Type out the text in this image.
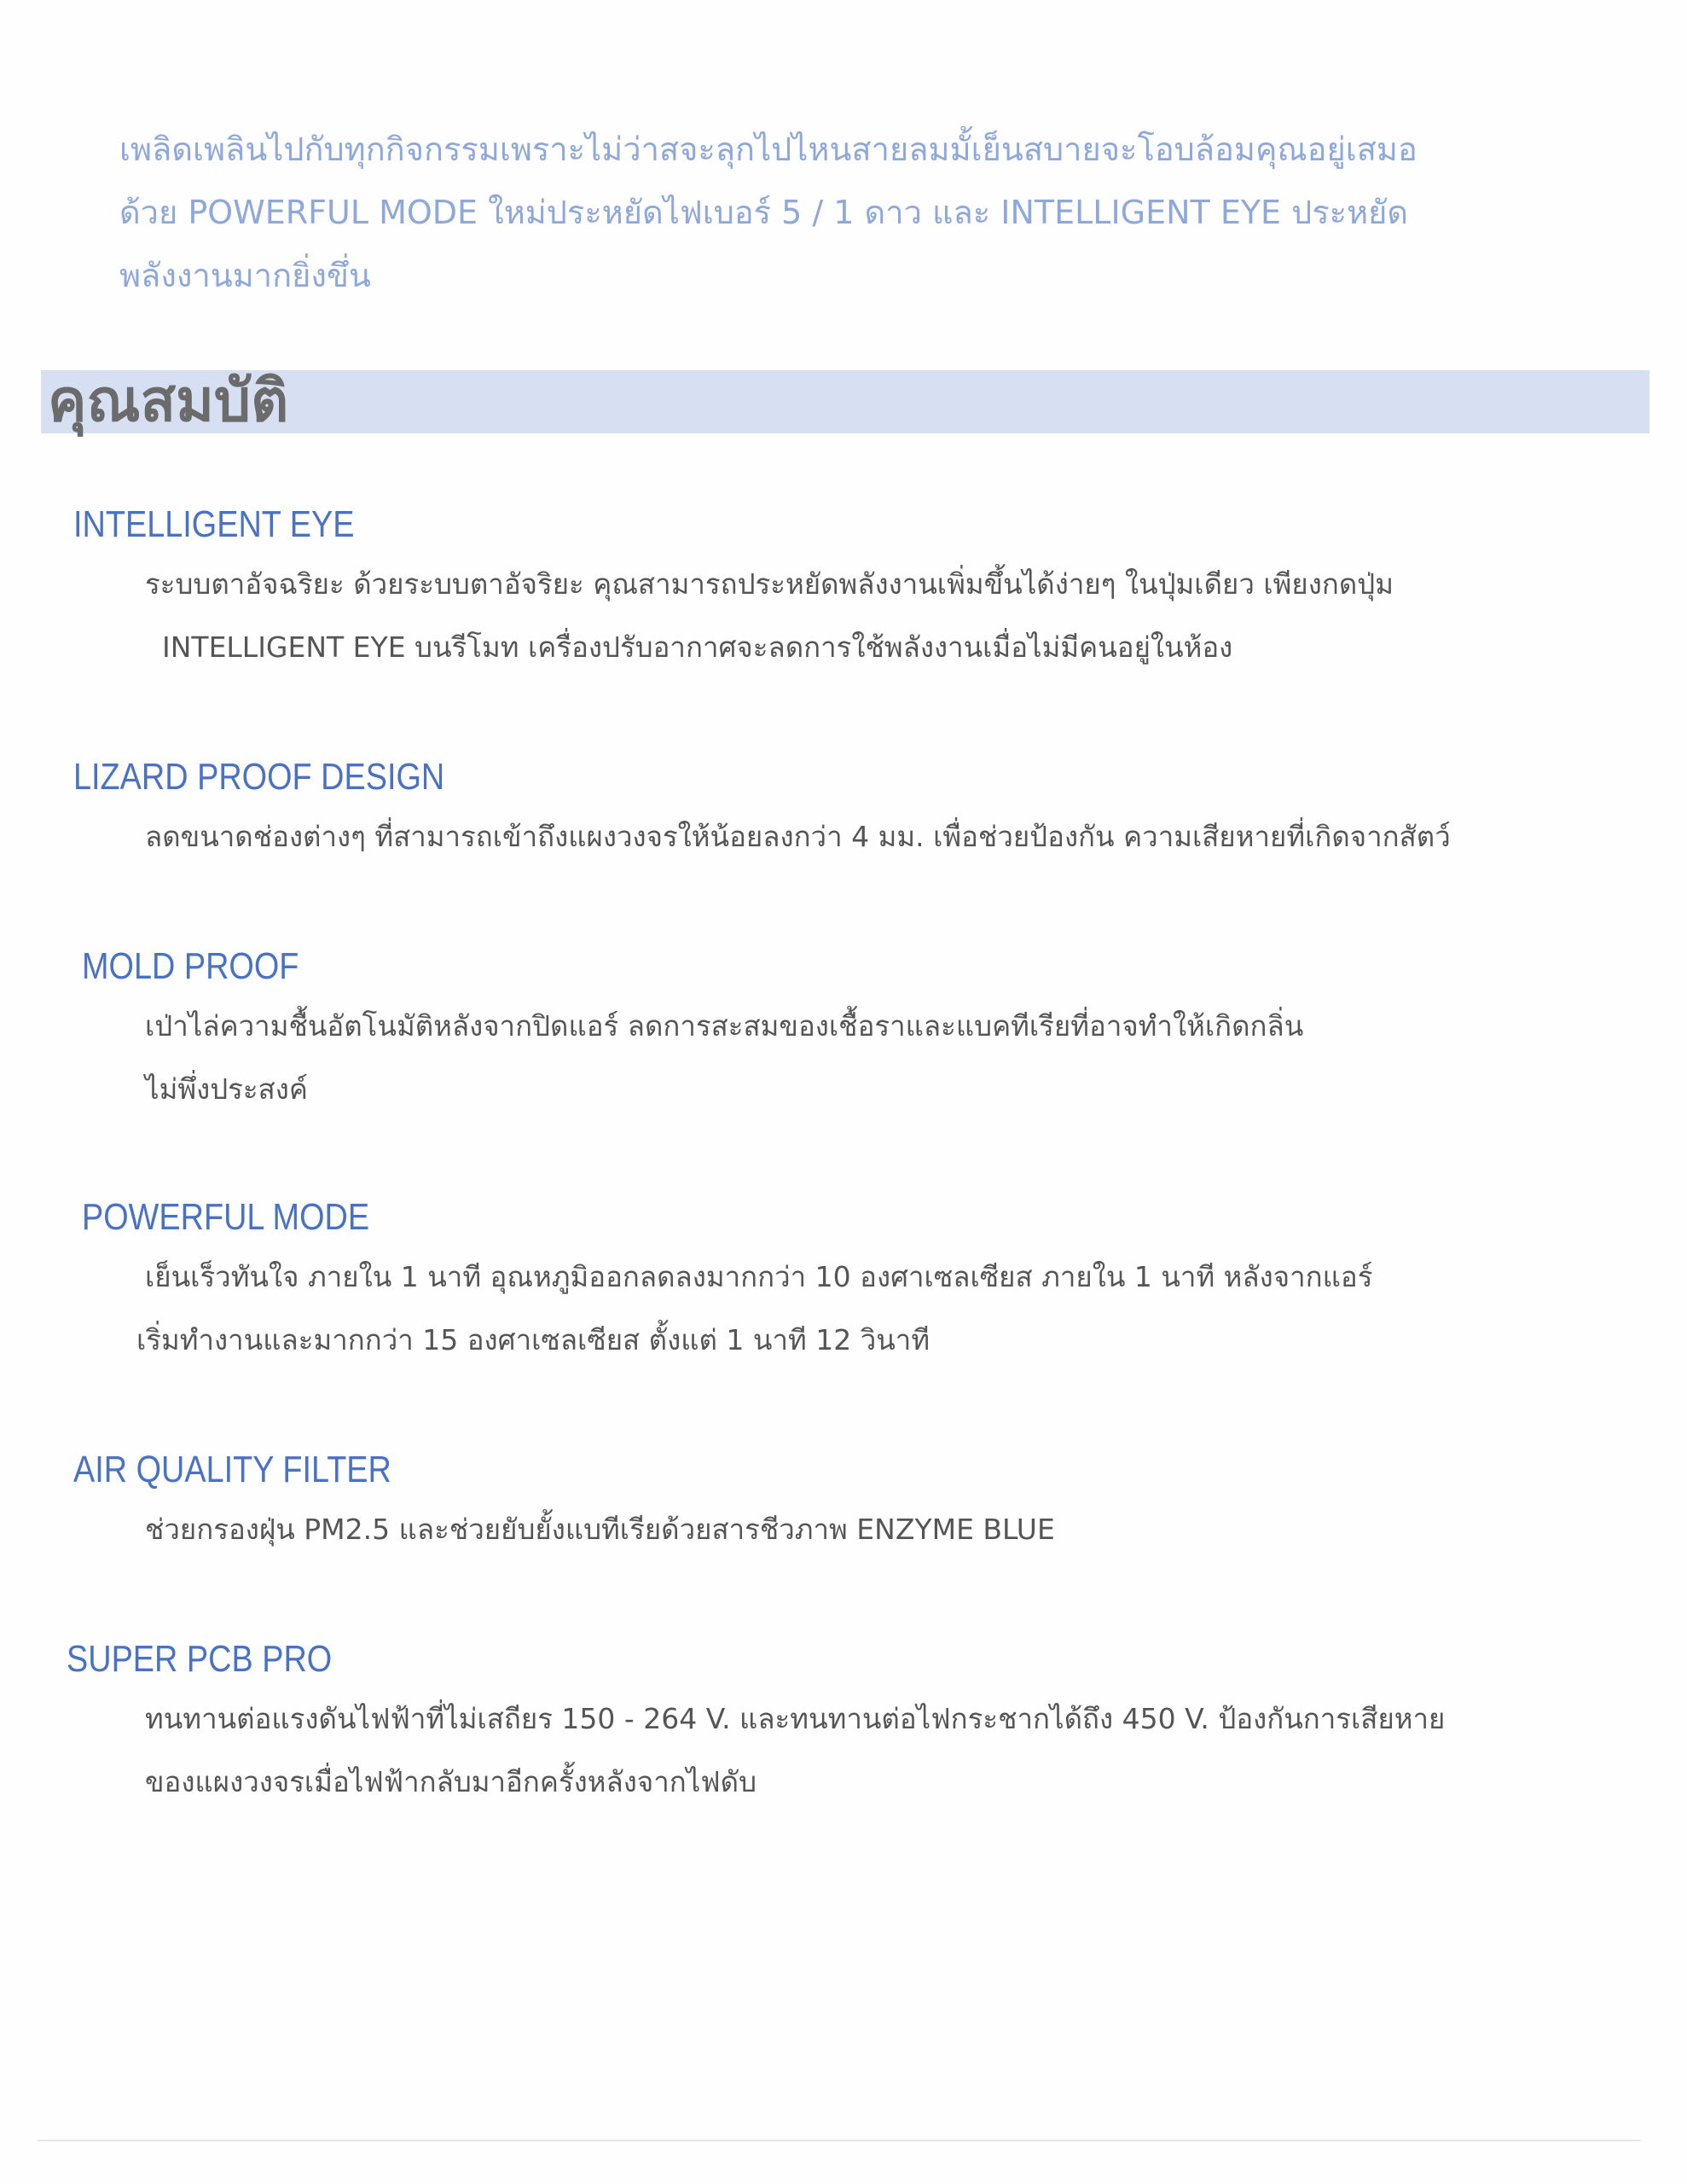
เพลิดเพลินไปกับทุกกิจกรรมเพราะไม่ว่าสจะลุกไปไหนสายลมมั้เย็นสบายจะโอบล้อมคุณอยู่เสมอ

ด้วย POWERFUL MODE ใหม่ประหยัดไฟเบอร์ 5 / 1 ดาว และ INTELLIGENT EYE ประหยัด

พลังงานมากยิ่งขึ่น

คุณสมบัติ
INTELLIGENT EYE

ระบบตาอัจฉริยะ ด้วยระบบตาอัจริยะ คุณสามารถประหยัดพลังงานเพิ่มขึ้นได้ง่ายๆ ในปุ่มเดียว เพียงกดปุ่ม

INTELLIGENT EYE บนรีโมท เครื่องปรับอากาศจะลดการใช้พลังงานเมื่อไม่มีคนอยู่ในห้อง

LIZARD PROOF DESIGN

ลดขนาดช่องต่างๆ ที่สามารถเข้าถึงแผงวงจรให้น้อยลงกว่า 4 มม. เพื่อช่วยป้องกัน ความเสียหายที่เกิดจากสัตว์

MOLD PROOF

เป่าไล่ความชื้นอัตโนมัติหลังจากปิดแอร์ ลดการสะสมของเชื้อราและแบคทีเรียที่อาจทำให้เกิดกลิ่น

ไม่พึ่งประสงค์

POWERFUL MODE

เย็นเร็วทันใจ ภายใน 1 นาที อุณหภูมิออกลดลงมากกว่า 10 องศาเซลเซียส ภายใน 1 นาที หลังจากแอร์

เริ่มทำงานและมากกว่า 15 องศาเซลเซียส ตั้งแต่ 1 นาที 12 วินาที

AIR QUALITY FILTER

ช่วยกรองฝุ่น PM2.5 และช่วยยับยั้งแบทีเรียด้วยสารชีวภาพ ENZYME BLUE

SUPER PCB PRO

ทนทานต่อแรงดันไฟฟ้าที่ไม่เสถียร 150 - 264 V. และทนทานต่อไฟกระชากได้ถึง 450 V. ป้องกันการเสียหาย

ของแผงวงจรเมื่อไฟฟ้ากลับมาอีกครั้งหลังจากไฟดับ
